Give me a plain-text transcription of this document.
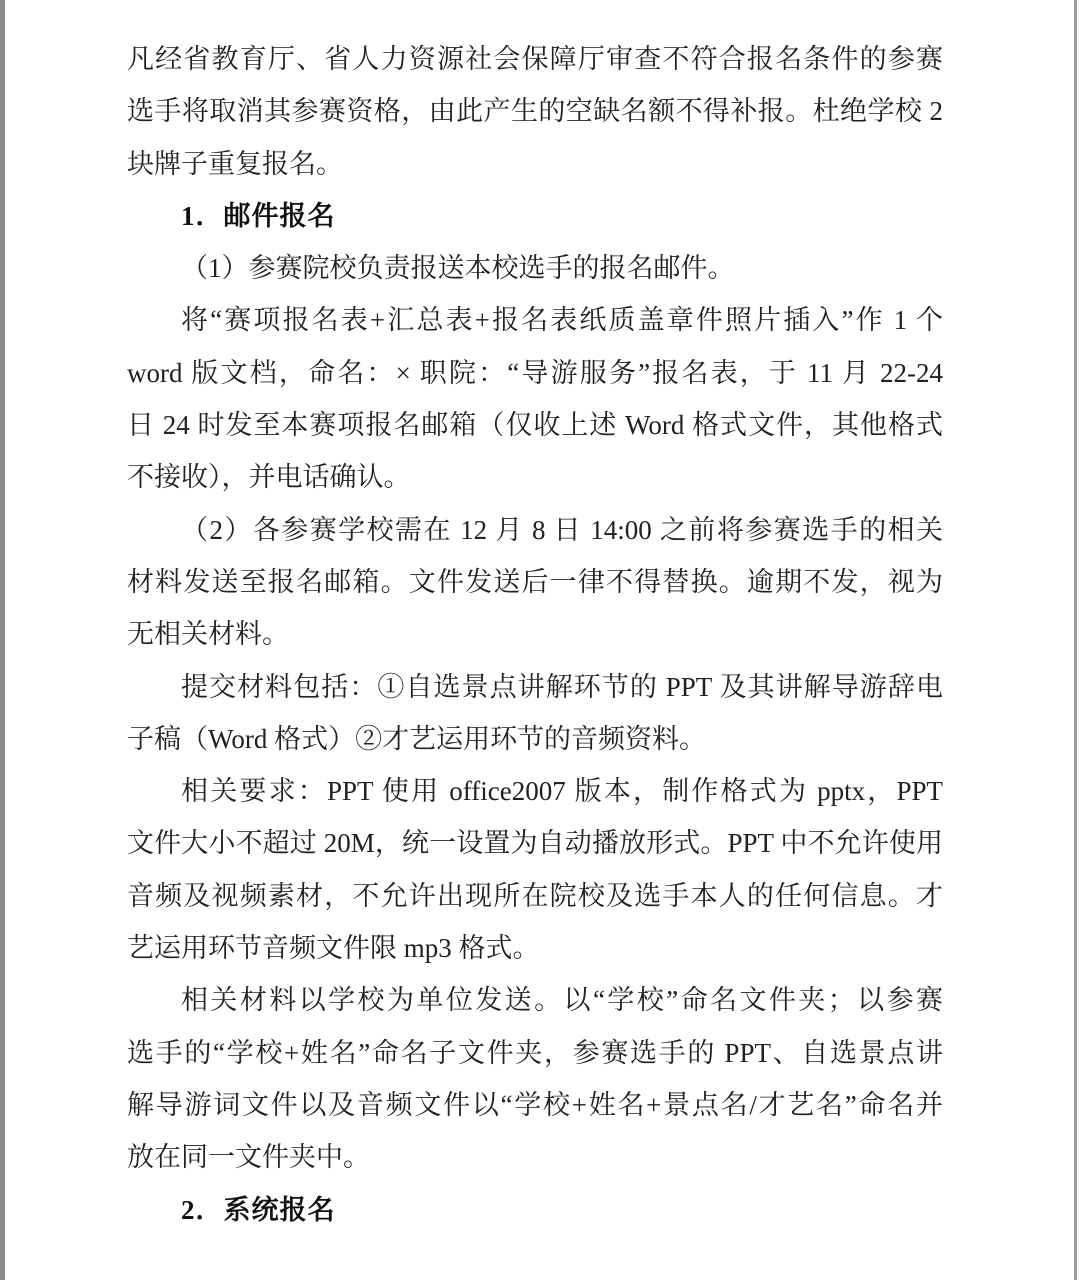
凡经省教育厅、省人力资源社会保障厅审查不符合报名条件的参赛
选手将取消其参赛资格，由此产生的空缺名额不得补报。杜绝学校 2
块牌子重复报名。
1．邮件报名
（1）参赛院校负责报送本校选手的报名邮件。
将“赛项报名表+汇总表+报名表纸质盖章件照片插入”作 1 个
word 版文档，命名：× 职院：“导游服务”报名表，于 11 月 22-24
日 24 时发至本赛项报名邮箱（仅收上述 Word 格式文件，其他格式
不接收），并电话确认。
（2）各参赛学校需在 12 月 8 日 14:00 之前将参赛选手的相关
材料发送至报名邮箱。文件发送后一律不得替换。逾期不发，视为
无相关材料。
提交材料包括：①自选景点讲解环节的 PPT 及其讲解导游辞电
子稿（Word 格式）②才艺运用环节的音频资料。
相关要求：PPT 使用 office2007 版本，制作格式为 pptx，PPT
文件大小不超过 20M，统一设置为自动播放形式。PPT 中不允许使用
音频及视频素材，不允许出现所在院校及选手本人的任何信息。才
艺运用环节音频文件限 mp3 格式。
相关材料以学校为单位发送。以“学校”命名文件夹；以参赛
选手的“学校+姓名”命名子文件夹，参赛选手的 PPT、自选景点讲
解导游词文件以及音频文件以“学校+姓名+景点名/才艺名”命名并
放在同一文件夹中。
2．系统报名
